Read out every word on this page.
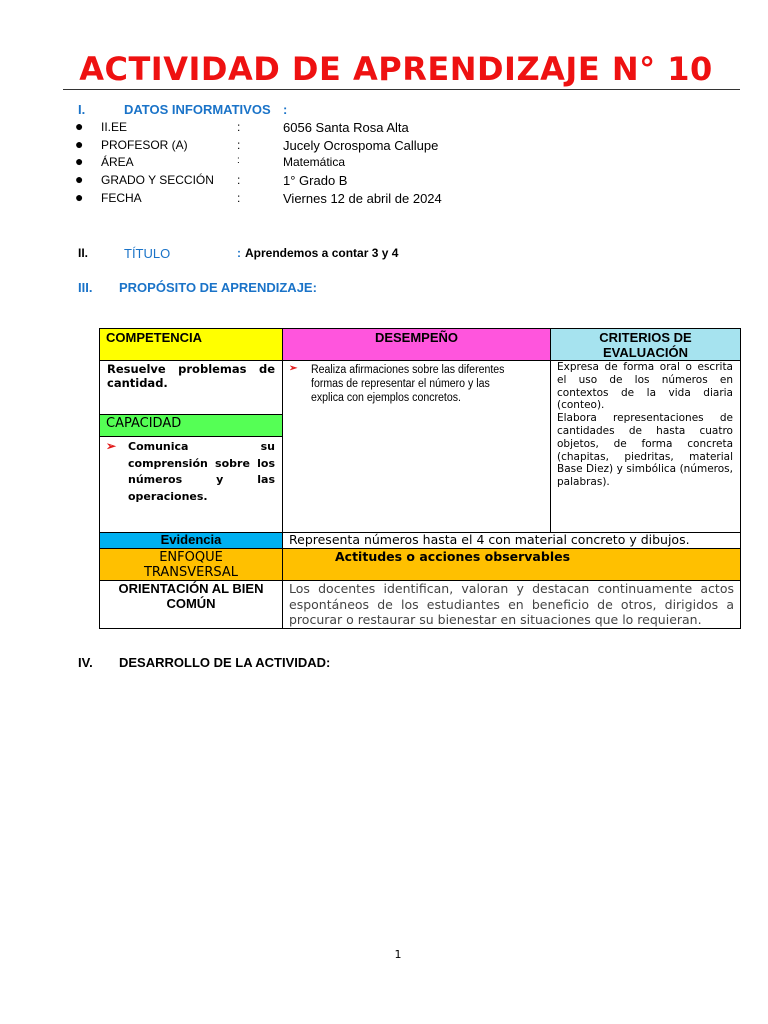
ACTIVIDAD DE APRENDIZAJE N° 10
I.	DATOS INFORMATIVOS :
● II.EE	:	6056 Santa Rosa Alta
● PROFESOR (A)	:	Jucely Ocrospoma Callupe
● ÁREA	:	Matemática
● GRADO Y SECCIÓN :	1° Grado B
● FECHA	:	Viernes 12 de abril de 2024
II.	TÍTULO	: Aprendemos a contar 3 y 4
III. PROPÓSITO DE APRENDIZAJE:
COMPETENCIA	DESEMPEÑO	CRITERIOS DE EVALUACIÓN

Resuelve problemas de cantidad.	➢ Realiza afirmaciones sobre las diferentes formas de representar el número y las explica con ejemplos concretos.	Expresa de forma oral o escrita el uso de los números en contextos de la vida diaria (conteo).
Elabora representaciones de cantidades de hasta cuatro objetos, de forma concreta (chapitas, piedritas, material Base Diez) y simbólica (números, palabras).

CAPACIDAD		

➢ Comunica su comprensión sobre los números y las operaciones.		

Evidencia	Representa números hasta el 4 con material concreto y dibujos.	

ENFOQUE TRANSVERSAL	Actitudes o acciones observables	

ORIENTACIÓN AL BIEN COMÚN	Los docentes identifican, valoran y destacan continuamente actos espontáneos de los estudiantes en beneficio de otros, dirigidos a procurar o restaurar su bienestar en situaciones que lo requieran.	
IV. DESARROLLO DE LA ACTIVIDAD:
1
